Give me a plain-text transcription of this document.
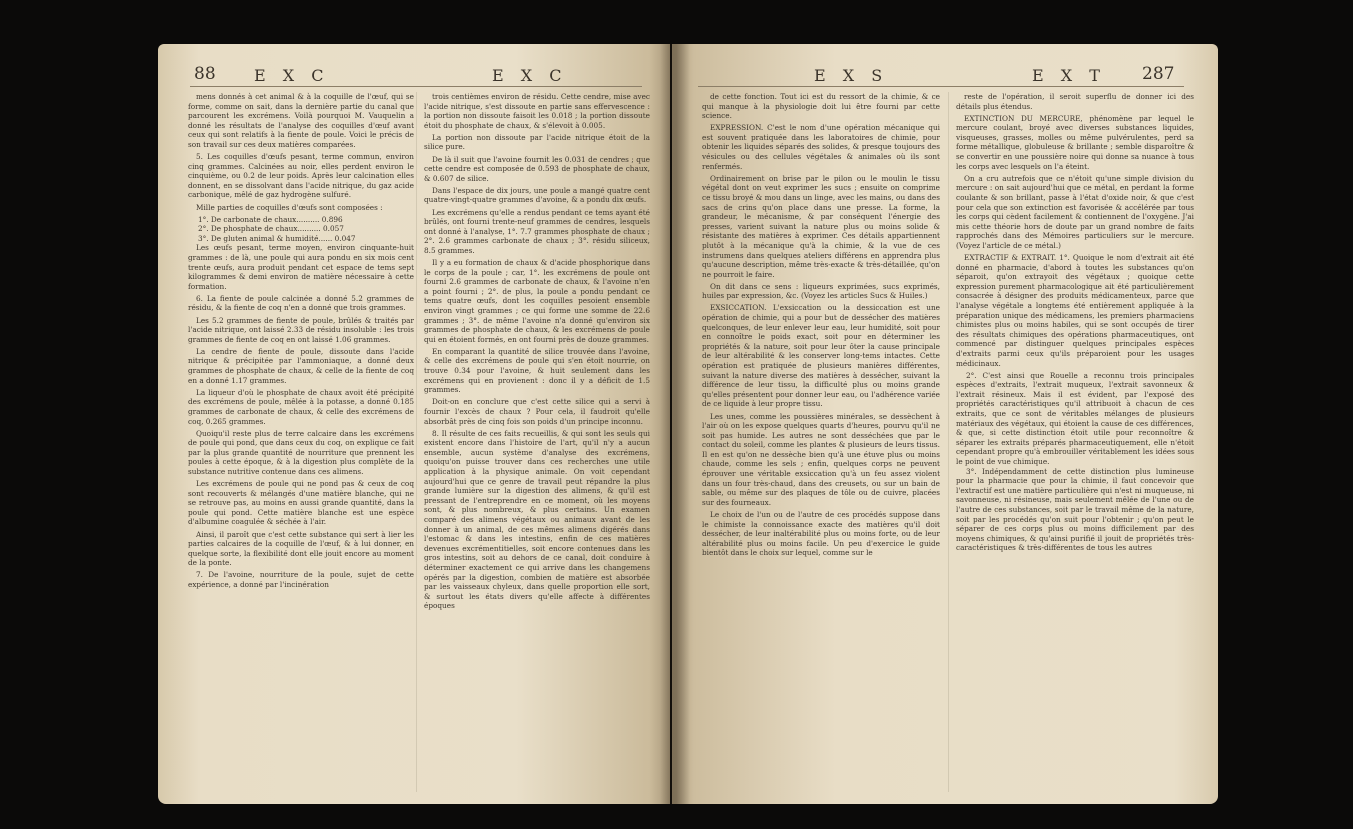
88 E X C	E X C

mens donnés à cet animal & à la coquille de l'œuf, qui se forme, comme on sait, dans la dernière partie du canal que parcourent les excrémens. Voilà pourquoi M. Vauquelin a donné les résultats de l'analyse des coquilles d'œuf avant ceux qui sont relatifs à la fiente de poule. Voici le précis de son travail sur ces deux matières comparées.

5. Les coquilles d'œufs pesant, terme commun, environ cinq grammes. Calcinées au noir, elles perdent environ le cinquième, ou 0.2 de leur poids. Après leur calcination elles donnent, en se dissolvant dans l'acide nitrique, du gaz acide carbonique, mêlé de gaz hydrogène sulfuré.

Mille parties de coquilles d'œufs sont composées :

1°. De carbonate de chaux.......... 0.896

2°. De phosphate de chaux.......... 0.057

3°. De gluten animal & humidité...... 0.047

Les œufs pesant, terme moyen, environ cinquante-huit grammes : de là, une poule qui aura pondu en six mois cent trente œufs, aura produit pendant cet espace de tems sept kilogrammes & demi environ de matière nécessaire à cette formation.

6. La fiente de poule calcinée a donné 5.2 grammes de résidu, & la fiente de coq n'en a donné que trois grammes.

Les 5.2 grammes de fiente de poule, brûlés & traités par l'acide nitrique, ont laissé 2.33 de résidu insoluble : les trois grammes de fiente de coq en ont laissé 1.06 grammes.

La cendre de fiente de poule, dissoute dans l'acide nitrique & précipitée par l'ammoniaque, a donné deux grammes de phosphate de chaux, & celle de la fiente de coq en a donné 1.17 grammes.

La liqueur d'où le phosphate de chaux avoit été précipité des excrémens de poule, mêlée à la potasse, a donné 0.185 grammes de carbonate de chaux, & celle des excrémens de coq, 0.265 grammes.

Quoiqu'il reste plus de terre calcaire dans les excrémens de poule qui pond, que dans ceux du coq, on explique ce fait par la plus grande quantité de nourriture que prennent les poules à cette époque, & à la digestion plus complète de la substance nutritive contenue dans ces alimens.

Les excrémens de poule qui ne pond pas & ceux de coq sont recouverts & mélangés d'une matière blanche, qui ne se retrouve pas, au moins en aussi grande quantité, dans la poule qui pond. Cette matière blanche est une espèce d'albumine coagulée & séchée à l'air.

Ainsi, il paroît que c'est cette substance qui sert à lier les parties calcaires de la coquille de l'œuf, & à lui donner, en quelque sorte, la flexibilité dont elle jouit encore au moment de la ponte.

7. De l'avoine, nourriture de la poule, sujet de cette expérience, a donné par l'incinération

trois centièmes environ de résidu. Cette cendre, mise avec l'acide nitrique, s'est dissoute en partie sans effervescence : la portion non dissoute faisoit les 0.018 ; la portion dissoute étoit du phosphate de chaux, & s'élevoit à 0.005.

La portion non dissoute par l'acide nitrique étoit de la silice pure.

De là il suit que l'avoine fournit les 0.031 de cendres ; que cette cendre est composée de 0.593 de phosphate de chaux, & 0.607 de silice.

Dans l'espace de dix jours, une poule a mangé quatre cent quatre-vingt-quatre grammes d'avoine, & a pondu dix œufs.

Les excrémens qu'elle a rendus pendant ce tems ayant été brûlés, ont fourni trente-neuf grammes de cendres, lesquels ont donné à l'analyse, 1°. 7.7 grammes phosphate de chaux ; 2°. 2.6 grammes carbonate de chaux ; 3°. résidu siliceux, 8.5 grammes.

Il y a eu formation de chaux & d'acide phosphorique dans le corps de la poule ; car, 1°. les excrémens de poule ont fourni 2.6 grammes de carbonate de chaux, & l'avoine n'en a point fourni ; 2°. de plus, la poule a pondu pendant ce tems quatre œufs, dont les coquilles pesoient ensemble environ vingt grammes ; ce qui forme une somme de 22.6 grammes ; 3°. de même l'avoine n'a donné qu'environ six grammes de phosphate de chaux, & les excrémens de poule qui en étoient formés, en ont fourni près de douze grammes.

En comparant la quantité de silice trouvée dans l'avoine, & celle des excrémens de poule qui s'en étoit nourrie, on trouve 0.34 pour l'avoine, & huit seulement dans les excrémens qui en provienent : donc il y a déficit de 1.5 grammes.

Doit-on en conclure que c'est cette silice qui a servi à fournir l'excès de chaux ? Pour cela, il faudroit qu'elle absorbât près de cinq fois son poids d'un principe inconnu.

8. Il résulte de ces faits recueillis, & qui sont les seuls qui existent encore dans l'histoire de l'art, qu'il n'y a aucun ensemble, aucun système d'analyse des excrémens, quoiqu'on puisse trouver dans ces recherches une utile application à la physique animale. On voit cependant aujourd'hui que ce genre de travail peut répandre la plus grande lumière sur la digestion des alimens, & qu'il est pressant de l'entreprendre en ce moment, où les moyens sont, & plus nombreux, & plus certains. Un examen comparé des alimens végétaux ou animaux avant de les donner à un animal, de ces mêmes alimens digérés dans l'estomac & dans les intestins, enfin de ces matières devenues excrémentitielles, soit encore contenues dans les gros intestins, soit au dehors de ce canal, doit conduire à déterminer exactement ce qui arrive dans les changemens opérés par la digestion, combien de matière est absorbée par les vaisseaux chyleux, dans quelle proportion elle sort, & surtout les états divers qu'elle affecte à différentes époques

E X S	E X T 287

de cette fonction. Tout ici est du ressort de la chimie, & ce qui manque à la physiologie doit lui être fourni par cette science.

EXPRESSION. C'est le nom d'une opération mécanique qui est souvent pratiquée dans les laboratoires de chimie, pour obtenir les liquides séparés des solides, & presque toujours des vésicules ou des cellules végétales & animales où ils sont renfermés.

Ordinairement on brise par le pilon ou le moulin le tissu végétal dont on veut exprimer les sucs ; ensuite on comprime ce tissu broyé & mou dans un linge, avec les mains, ou dans des sacs de crins qu'on place dans une presse. La forme, la grandeur, le mécanisme, & par conséquent l'énergie des presses, varient suivant la nature plus ou moins solide & résistante des matières à exprimer. Ces détails appartiennent plutôt à la mécanique qu'à la chimie, & la vue de ces instrumens dans quelques ateliers différens en apprendra plus qu'aucune description, même très-exacte & très-détaillée, qu'on ne pourroit le faire.

On dit dans ce sens : liqueurs exprimées, sucs exprimés, huiles par expression, &c. (Voyez les articles Sucs & Huiles.)

EXSICCATION. L'exsiccation ou la dessiccation est une opération de chimie, qui a pour but de dessécher des matières quelconques, de leur enlever leur eau, leur humidité, soit pour en connoître le poids exact, soit pour en déterminer les propriétés & la nature, soit pour leur ôter la cause principale de leur altérabilité & les conserver long-tems intactes. Cette opération est pratiquée de plusieurs manières différentes, suivant la nature diverse des matières à dessécher, suivant la différence de leur tissu, la difficulté plus ou moins grande qu'elles présentent pour donner leur eau, ou l'adhérence variée de ce liquide à leur propre tissu.

Les unes, comme les poussières minérales, se dessèchent à l'air où on les expose quelques quarts d'heures, pourvu qu'il ne soit pas humide. Les autres ne sont desséchées que par le contact du soleil, comme les plantes & plusieurs de leurs tissus. Il en est qu'on ne dessèche bien qu'à une étuve plus ou moins chaude, comme les sels ; enfin, quelques corps ne peuvent éprouver une véritable exsiccation qu'à un feu assez violent dans un four très-chaud, dans des creusets, ou sur un bain de sable, ou même sur des plaques de tôle ou de cuivre, placées sur des fourneaux.

Le choix de l'un ou de l'autre de ces procédés suppose dans le chimiste la connoissance exacte des matières qu'il doit dessécher, de leur inaltérabilité plus ou moins forte, ou de leur altérabilité plus ou moins facile. Un peu d'exercice le guide bientôt dans le choix sur lequel, comme sur le

reste de l'opération, il seroit superflu de donner ici des détails plus étendus.

EXTINCTION DU MERCURE, phénomène par lequel le mercure coulant, broyé avec diverses substances liquides, visqueuses, grasses, molles ou même pulvérulentes, perd sa forme métallique, globuleuse & brillante ; semble disparoître & se convertir en une poussière noire qui donne sa nuance à tous les corps avec lesquels on l'a éteint.

On a cru autrefois que ce n'étoit qu'une simple division du mercure : on sait aujourd'hui que ce métal, en perdant la forme coulante & son brillant, passe à l'état d'oxide noir, & que c'est pour cela que son extinction est favorisée & accélérée par tous les corps qui cèdent facilement & contiennent de l'oxygène. J'ai mis cette théorie hors de doute par un grand nombre de faits rapprochés dans des Mémoires particuliers sur le mercure. (Voyez l'article de ce métal.)

EXTRACTIF & EXTRAIT. 1°. Quoique le nom d'extrait ait été donné en pharmacie, d'abord à toutes les substances qu'on séparoit, qu'on extrayoit des végétaux ; quoique cette expression purement pharmacologique ait été particulièrement consacrée à désigner des produits médicamenteux, parce que l'analyse végétale a longtems été entièrement appliquée à la préparation unique des médicamens, les premiers pharmaciens chimistes plus ou moins habiles, qui se sont occupés de tirer des résultats chimiques des opérations pharmaceutiques, ont commencé par distinguer quelques principales espèces d'extraits parmi ceux qu'ils préparoient pour les usages médicinaux.

2°. C'est ainsi que Rouelle a reconnu trois principales espèces d'extraits, l'extrait muqueux, l'extrait savonneux & l'extrait résineux. Mais il est évident, par l'exposé des propriétés caractéristiques qu'il attribuoit à chacun de ces extraits, que ce sont de véritables mélanges de plusieurs matériaux des végétaux, qui étoient la cause de ces différences, & que, si cette distinction étoit utile pour reconnoître & séparer les extraits préparés pharmaceutiquement, elle n'étoit cependant propre qu'à embrouiller véritablement les idées sous le point de vue chimique.

3°. Indépendamment de cette distinction plus lumineuse pour la pharmacie que pour la chimie, il faut concevoir que l'extractif est une matière particulière qui n'est ni muqueuse, ni savonneuse, ni résineuse, mais seulement mêlée de l'une ou de l'autre de ces substances, soit par le travail même de la nature, soit par les procédés qu'on suit pour l'obtenir ; qu'on peut le séparer de ces corps plus ou moins difficilement par des moyens chimiques, & qu'ainsi purifié il jouit de propriétés très-caractéristiques & très-différentes de tous les autres
